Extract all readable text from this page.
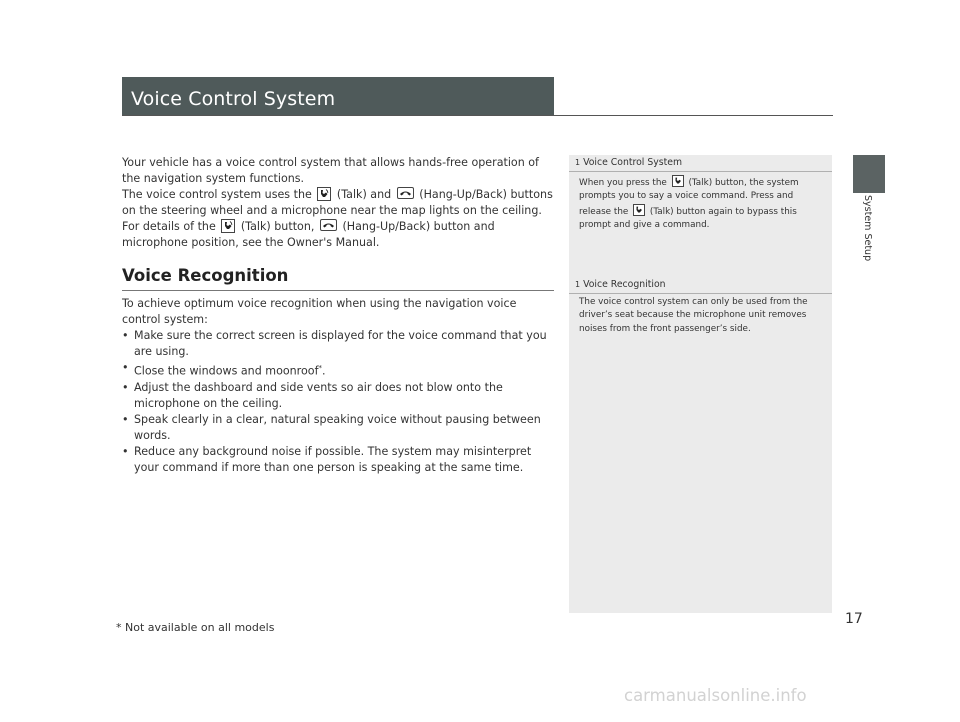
Voice Control System
System Setup
Your vehicle has a voice control system that allows hands-free operation of the navigation system functions.
The voice control system uses the (Talk) and	(Hang-Up/Back) buttons on the steering wheel and a microphone near the map lights on the ceiling.
For details of the (Talk) button,	(Hang-Up/Back) button and microphone position, see the Owner's Manual.
Voice Recognition
To achieve optimum voice recognition when using the navigation voice control system:
• Make sure the correct screen is displayed for the voice command that you are using.
• Close the windows and moonroof*.
• Adjust the dashboard and side vents so air does not blow onto the microphone on the ceiling.
• Speak clearly in a clear, natural speaking voice without pausing between words.
• Reduce any background noise if possible. The system may misinterpret your command if more than one person is speaking at the same time.
* Not available on all models
1 Voice Control System
When you press the (Talk) button, the system prompts you to say a voice command. Press and release the (Talk) button again to bypass this prompt and give a command.
1 Voice Recognition
The voice control system can only be used from the driver’s seat because the microphone unit removes noises from the front passenger’s side.
17
carmanualsonline.info
